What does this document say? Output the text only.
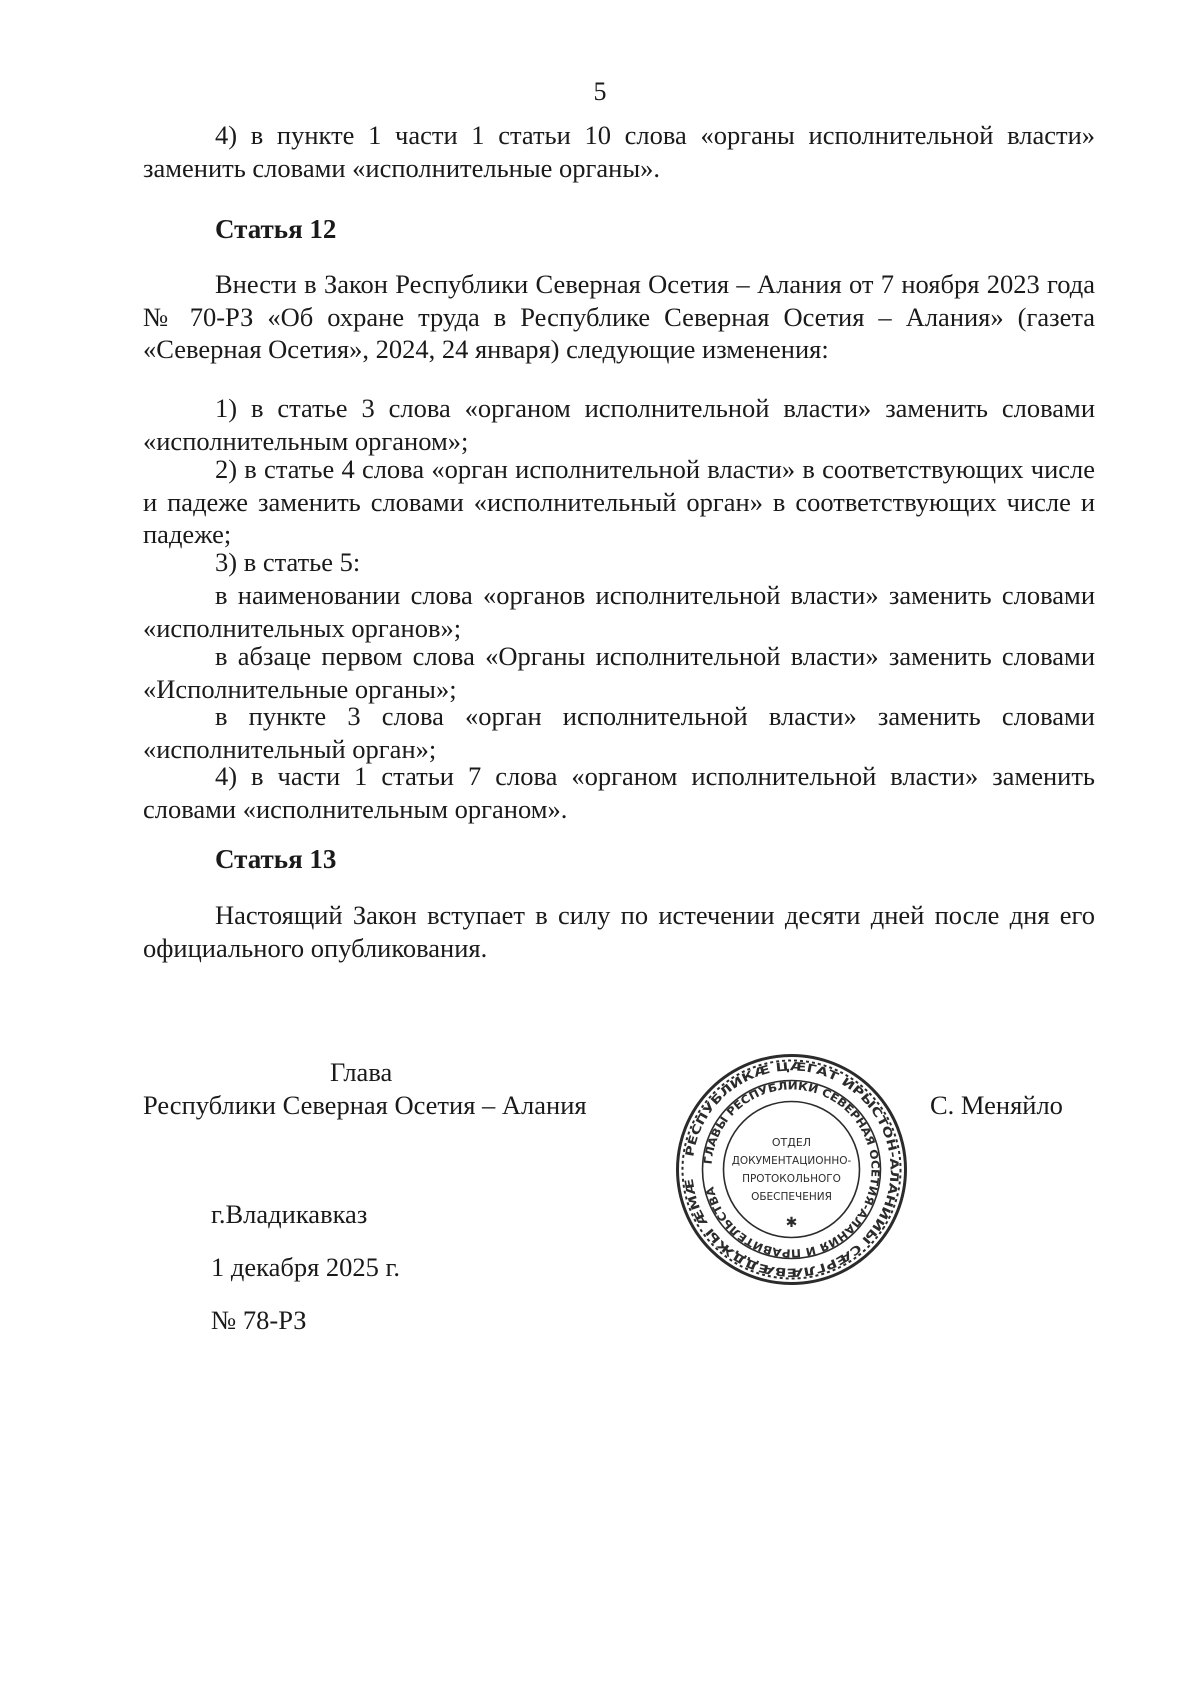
5

4) в пункте 1 части 1 статьи 10 слова «органы исполнительной власти» заменить словами «исполнительные органы».

Статья 12

Внести в Закон Республики Северная Осетия – Алания от 7 ноября 2023 года № 70-РЗ «Об охране труда в Республике Северная Осетия – Алания» (газета «Северная Осетия», 2024, 24 января) следующие изменения:

1) в статье 3 слова «органом исполнительной власти» заменить словами «исполнительным органом»;

2) в статье 4 слова «орган исполнительной власти» в соответствующих числе и падеже заменить словами «исполнительный орган» в соответствующих числе и падеже;

3) в статье 5:

в наименовании слова «органов исполнительной власти» заменить словами «исполнительных органов»;

в абзаце первом слова «Органы исполнительной власти» заменить словами «Исполнительные органы»;

в пункте 3 слова «орган исполнительной власти» заменить словами «исполнительный орган»;

4) в части 1 статьи 7 слова «органом исполнительной власти» заменить словами «исполнительным органом».

Статья 13

Настоящий Закон вступает в силу по истечении десяти дней после дня его официального опубликования.

Глава

Республики Северная Осетия – Алания	С. Меняйло

РЕСПУБЛИКÆ ЦÆГАТ ИРЫСТОН-АЛАНИЙЫ СÆРГЛÆВÆДДЖЫ ÆМÆ
ГЛАВЫ РЕСПУБЛИКИ СЕВЕРНАЯ ОСЕТИЯ-АЛАНИЯ И ПРАВИТЕЛЬСТВА
ОТДЕЛ
ДОКУМЕНТАЦИОННО-
ПРОТОКОЛЬНОГО
ОБЕСПЕЧЕНИЯ
✱

г.Владикавказ

1 декабря 2025 г.

№ 78-РЗ
